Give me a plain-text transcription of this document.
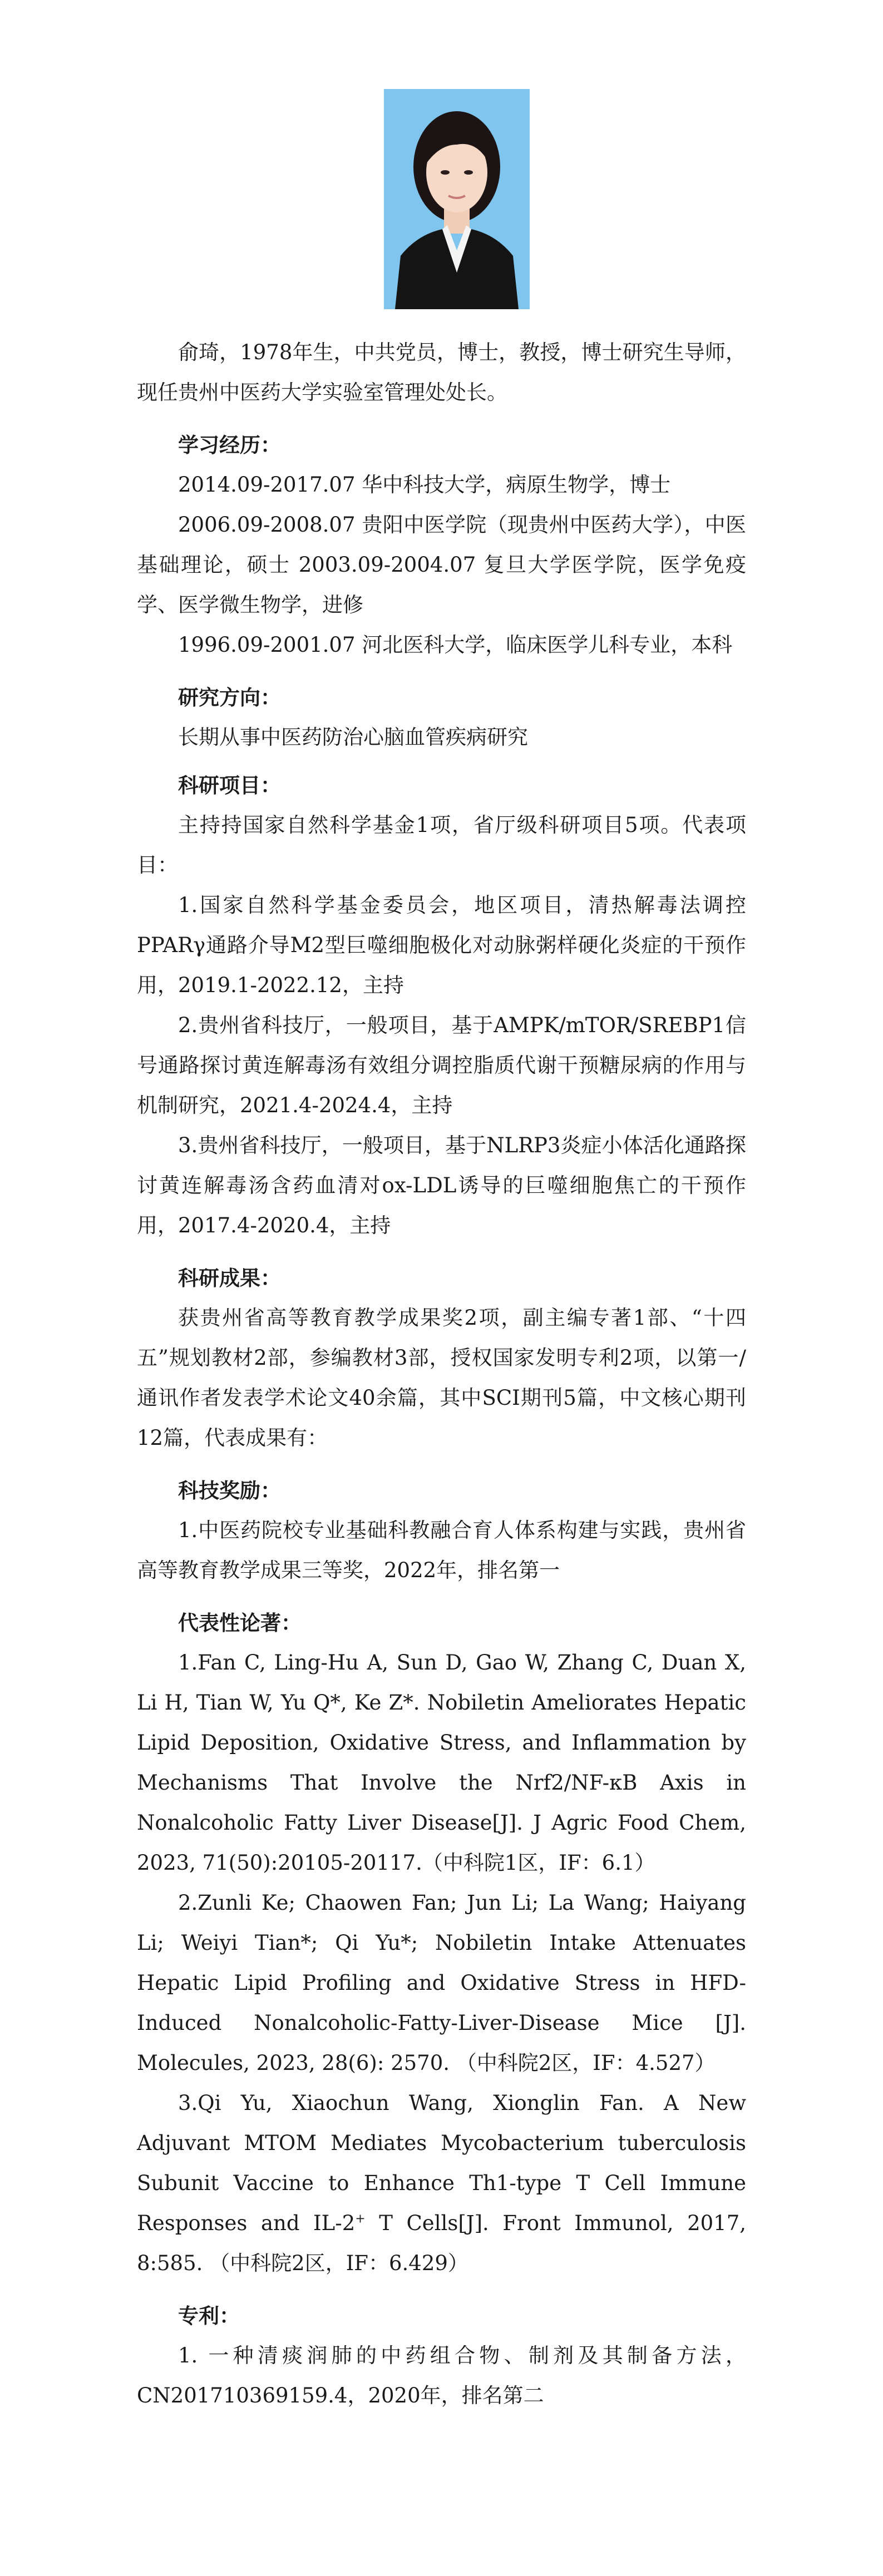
俞琦，1978年生，中共党员，博士，教授，博士研究生导师，现任贵州中医药大学实验室管理处处长。

学习经历：

2014.09-2017.07 华中科技大学，病原生物学，博士

2006.09-2008.07 贵阳中医学院（现贵州中医药大学），中医基础理论，硕士 2003.09-2004.07 复旦大学医学院，医学免疫学、医学微生物学，进修

1996.09-2001.07 河北医科大学，临床医学儿科专业，本科

研究方向：

长期从事中医药防治心脑血管疾病研究

科研项目：

主持持国家自然科学基金1项，省厅级科研项目5项。代表项目：

1.国家自然科学基金委员会，地区项目，清热解毒法调控PPARγ通路介导M2型巨噬细胞极化对动脉粥样硬化炎症的干预作用，2019.1-2022.12，主持

2.贵州省科技厅，一般项目，基于AMPK/mTOR/SREBP1信号通路探讨黄连解毒汤有效组分调控脂质代谢干预糖尿病的作用与机制研究，2021.4-2024.4，主持

3.贵州省科技厅，一般项目，基于NLRP3炎症小体活化通路探讨黄连解毒汤含药血清对ox-LDL诱导的巨噬细胞焦亡的干预作用，2017.4-2020.4，主持

科研成果：

获贵州省高等教育教学成果奖2项，副主编专著1部、“十四五”规划教材2部，参编教材3部，授权国家发明专利2项，以第一/通讯作者发表学术论文40余篇，其中SCI期刊5篇，中文核心期刊12篇，代表成果有：

科技奖励：

1.中医药院校专业基础科教融合育人体系构建与实践，贵州省高等教育教学成果三等奖，2022年，排名第一

代表性论著：

1.Fan C, Ling-Hu A, Sun D, Gao W, Zhang C, Duan X, Li H, Tian W, Yu Q*, Ke Z*. Nobiletin Ameliorates Hepatic Lipid Deposition, Oxidative Stress, and Inflammation by Mechanisms That Involve the Nrf2/NF-κB Axis in Nonalcoholic Fatty Liver Disease[J]. J Agric Food Chem, 2023, 71(50):20105-20117.（中科院1区，IF：6.1）

2.Zunli Ke; Chaowen Fan; Jun Li; La Wang; Haiyang Li; Weiyi Tian*; Qi Yu*; Nobiletin Intake Attenuates Hepatic Lipid Profiling and Oxidative Stress in HFD-Induced Nonalcoholic-Fatty-Liver-Disease Mice [J]. Molecules, 2023, 28(6): 2570. （中科院2区，IF：4.527）

3.Qi Yu, Xiaochun Wang, Xionglin Fan. A New Adjuvant MTOM Mediates Mycobacterium tuberculosis Subunit Vaccine to Enhance Th1-type T Cell Immune Responses and IL-2+ T Cells[J]. Front Immunol, 2017, 8:585. （中科院2区，IF：6.429）

专利：

1. 一种清痰润肺的中药组合物、制剂及其制备方法，CN201710369159.4，2020年，排名第二
